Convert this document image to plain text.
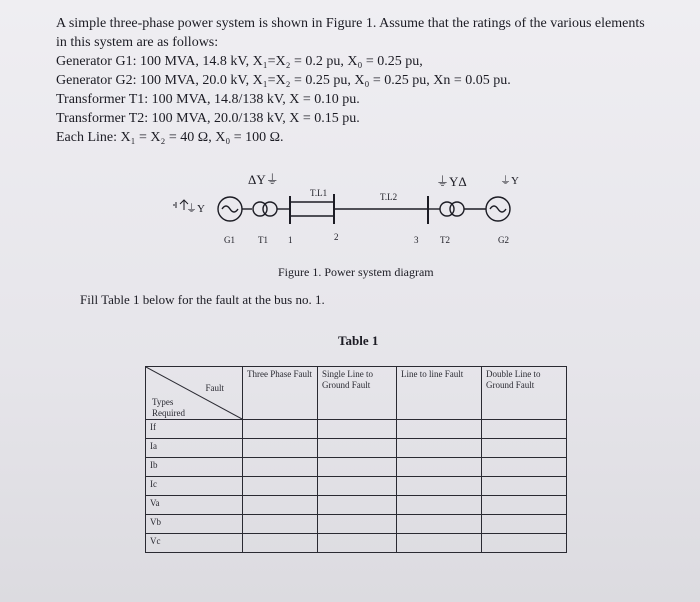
A simple three-phase power system is shown in Figure 1. Assume that the ratings of the various elements

in this system are as follows:

Generator G1: 100 MVA, 14.8 kV, X₁=X₂ = 0.2 pu, X₀ = 0.25 pu,

Generator G2: 100 MVA, 20.0 kV, X₁=X₂ = 0.25 pu, X₀ = 0.25 pu, Xn = 0.05 pu.

Transformer T1: 100 MVA, 14.8/138 kV, X = 0.10 pu.

Transformer T2: 100 MVA, 20.0/138 kV, X = 0.15 pu.

Each Line: X₁ = X₂ = 40 Ω, X₀ = 100 Ω.

ΔY⏚	⏚YΔ	⏚Y
⏚Y
T.L1	T.L2
G1	T1 1	2	3 T2	G2
Figure 1. Power system diagram
Fill Table 1 below for the fault at the bus no. 1.
Table 1
Fault
Types
Required	Three Phase Fault	Single Line to Ground Fault	Line to line Fault	Double Line to Ground Fault
If				
Ia				
Ib				
Ic				
Va				
Vb				
Vc				
